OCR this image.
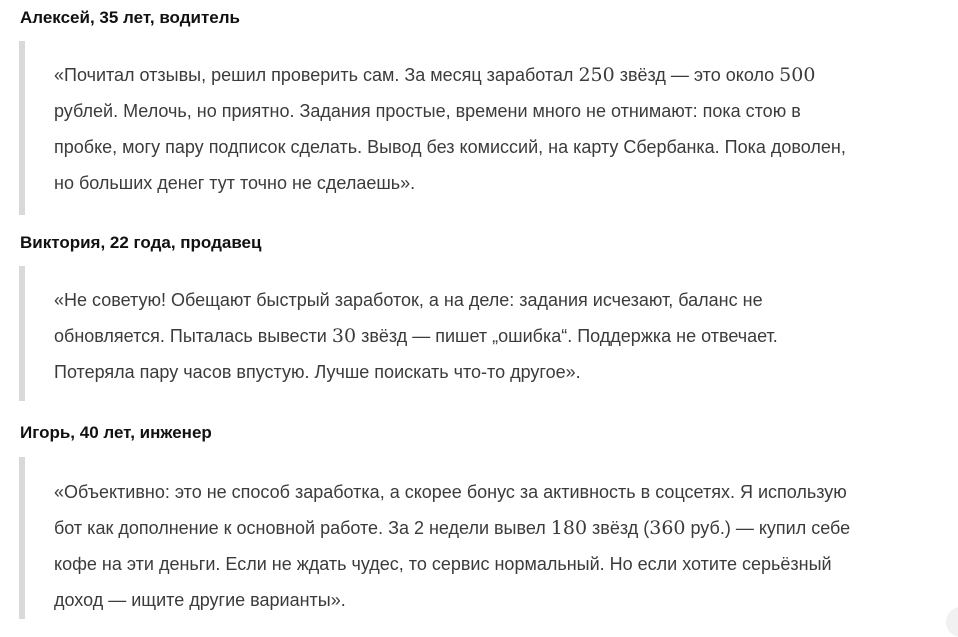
Алексей, 35 лет, водитель

«Почитал отзывы, решил проверить сам. За месяц заработал 250 звёзд — это около 500
рублей. Мелочь, но приятно. Задания простые, времени много не отнимают: пока стою в
пробке, могу пару подписок сделать. Вывод без комиссий, на карту Сбербанка. Пока доволен,
но больших денег тут точно не сделаешь».

Виктория, 22 года, продавец

«Не советую! Обещают быстрый заработок, а на деле: задания исчезают, баланс не
обновляется. Пыталась вывести 30 звёзд — пишет „ошибка“. Поддержка не отвечает.
Потеряла пару часов впустую. Лучше поискать что-то другое».

Игорь, 40 лет, инженер

«Объективно: это не способ заработка, а скорее бонус за активность в соцсетях. Я использую
бот как дополнение к основной работе. За 2 недели вывел 180 звёзд (360 руб.) — купил себе
кофе на эти деньги. Если не ждать чудес, то сервис нормальный. Но если хотите серьёзный
доход — ищите другие варианты».
